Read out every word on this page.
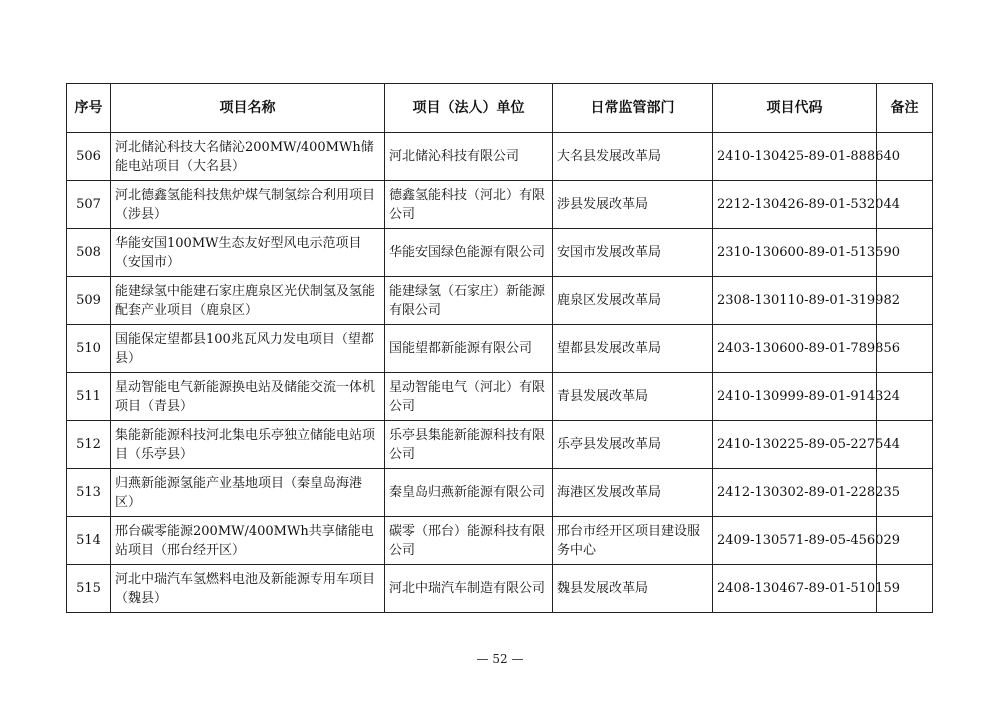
序号	项目名称	项目（法人）单位	日常监管部门	项目代码	备注
506	河北储沁科技大名储沁200MW/400MWh储能电站项目（大名县）	河北储沁科技有限公司	大名县发展改革局	2410-130425-89-01-888640	
507	河北德鑫氢能科技焦炉煤气制氢综合利用项目（涉县）	德鑫氢能科技（河北）有限公司	涉县发展改革局	2212-130426-89-01-532044	
508	华能安国100MW生态友好型风电示范项目（安国市）	华能安国绿色能源有限公司	安国市发展改革局	2310-130600-89-01-513590	
509	能建绿氢中能建石家庄鹿泉区光伏制氢及氢能配套产业项目（鹿泉区）	能建绿氢（石家庄）新能源有限公司	鹿泉区发展改革局	2308-130110-89-01-319982	
510	国能保定望都县100兆瓦风力发电项目（望都县）	国能望都新能源有限公司	望都县发展改革局	2403-130600-89-01-789856	
511	星动智能电气新能源换电站及储能交流一体机项目（青县）	星动智能电气（河北）有限公司	青县发展改革局	2410-130999-89-01-914324	
512	集能新能源科技河北集电乐亭独立储能电站项目（乐亭县）	乐亭县集能新能源科技有限公司	乐亭县发展改革局	2410-130225-89-05-227544	
513	归燕新能源氢能产业基地项目（秦皇岛海港区）	秦皇岛归燕新能源有限公司	海港区发展改革局	2412-130302-89-01-228235	
514	邢台碳零能源200MW/400MWh共享储能电站项目（邢台经开区）	碳零（邢台）能源科技有限公司	邢台市经开区项目建设服务中心	2409-130571-89-05-456029	
515	河北中瑞汽车氢燃料电池及新能源专用车项目（魏县）	河北中瑞汽车制造有限公司	魏县发展改革局	2408-130467-89-01-510159	
— 52 —
